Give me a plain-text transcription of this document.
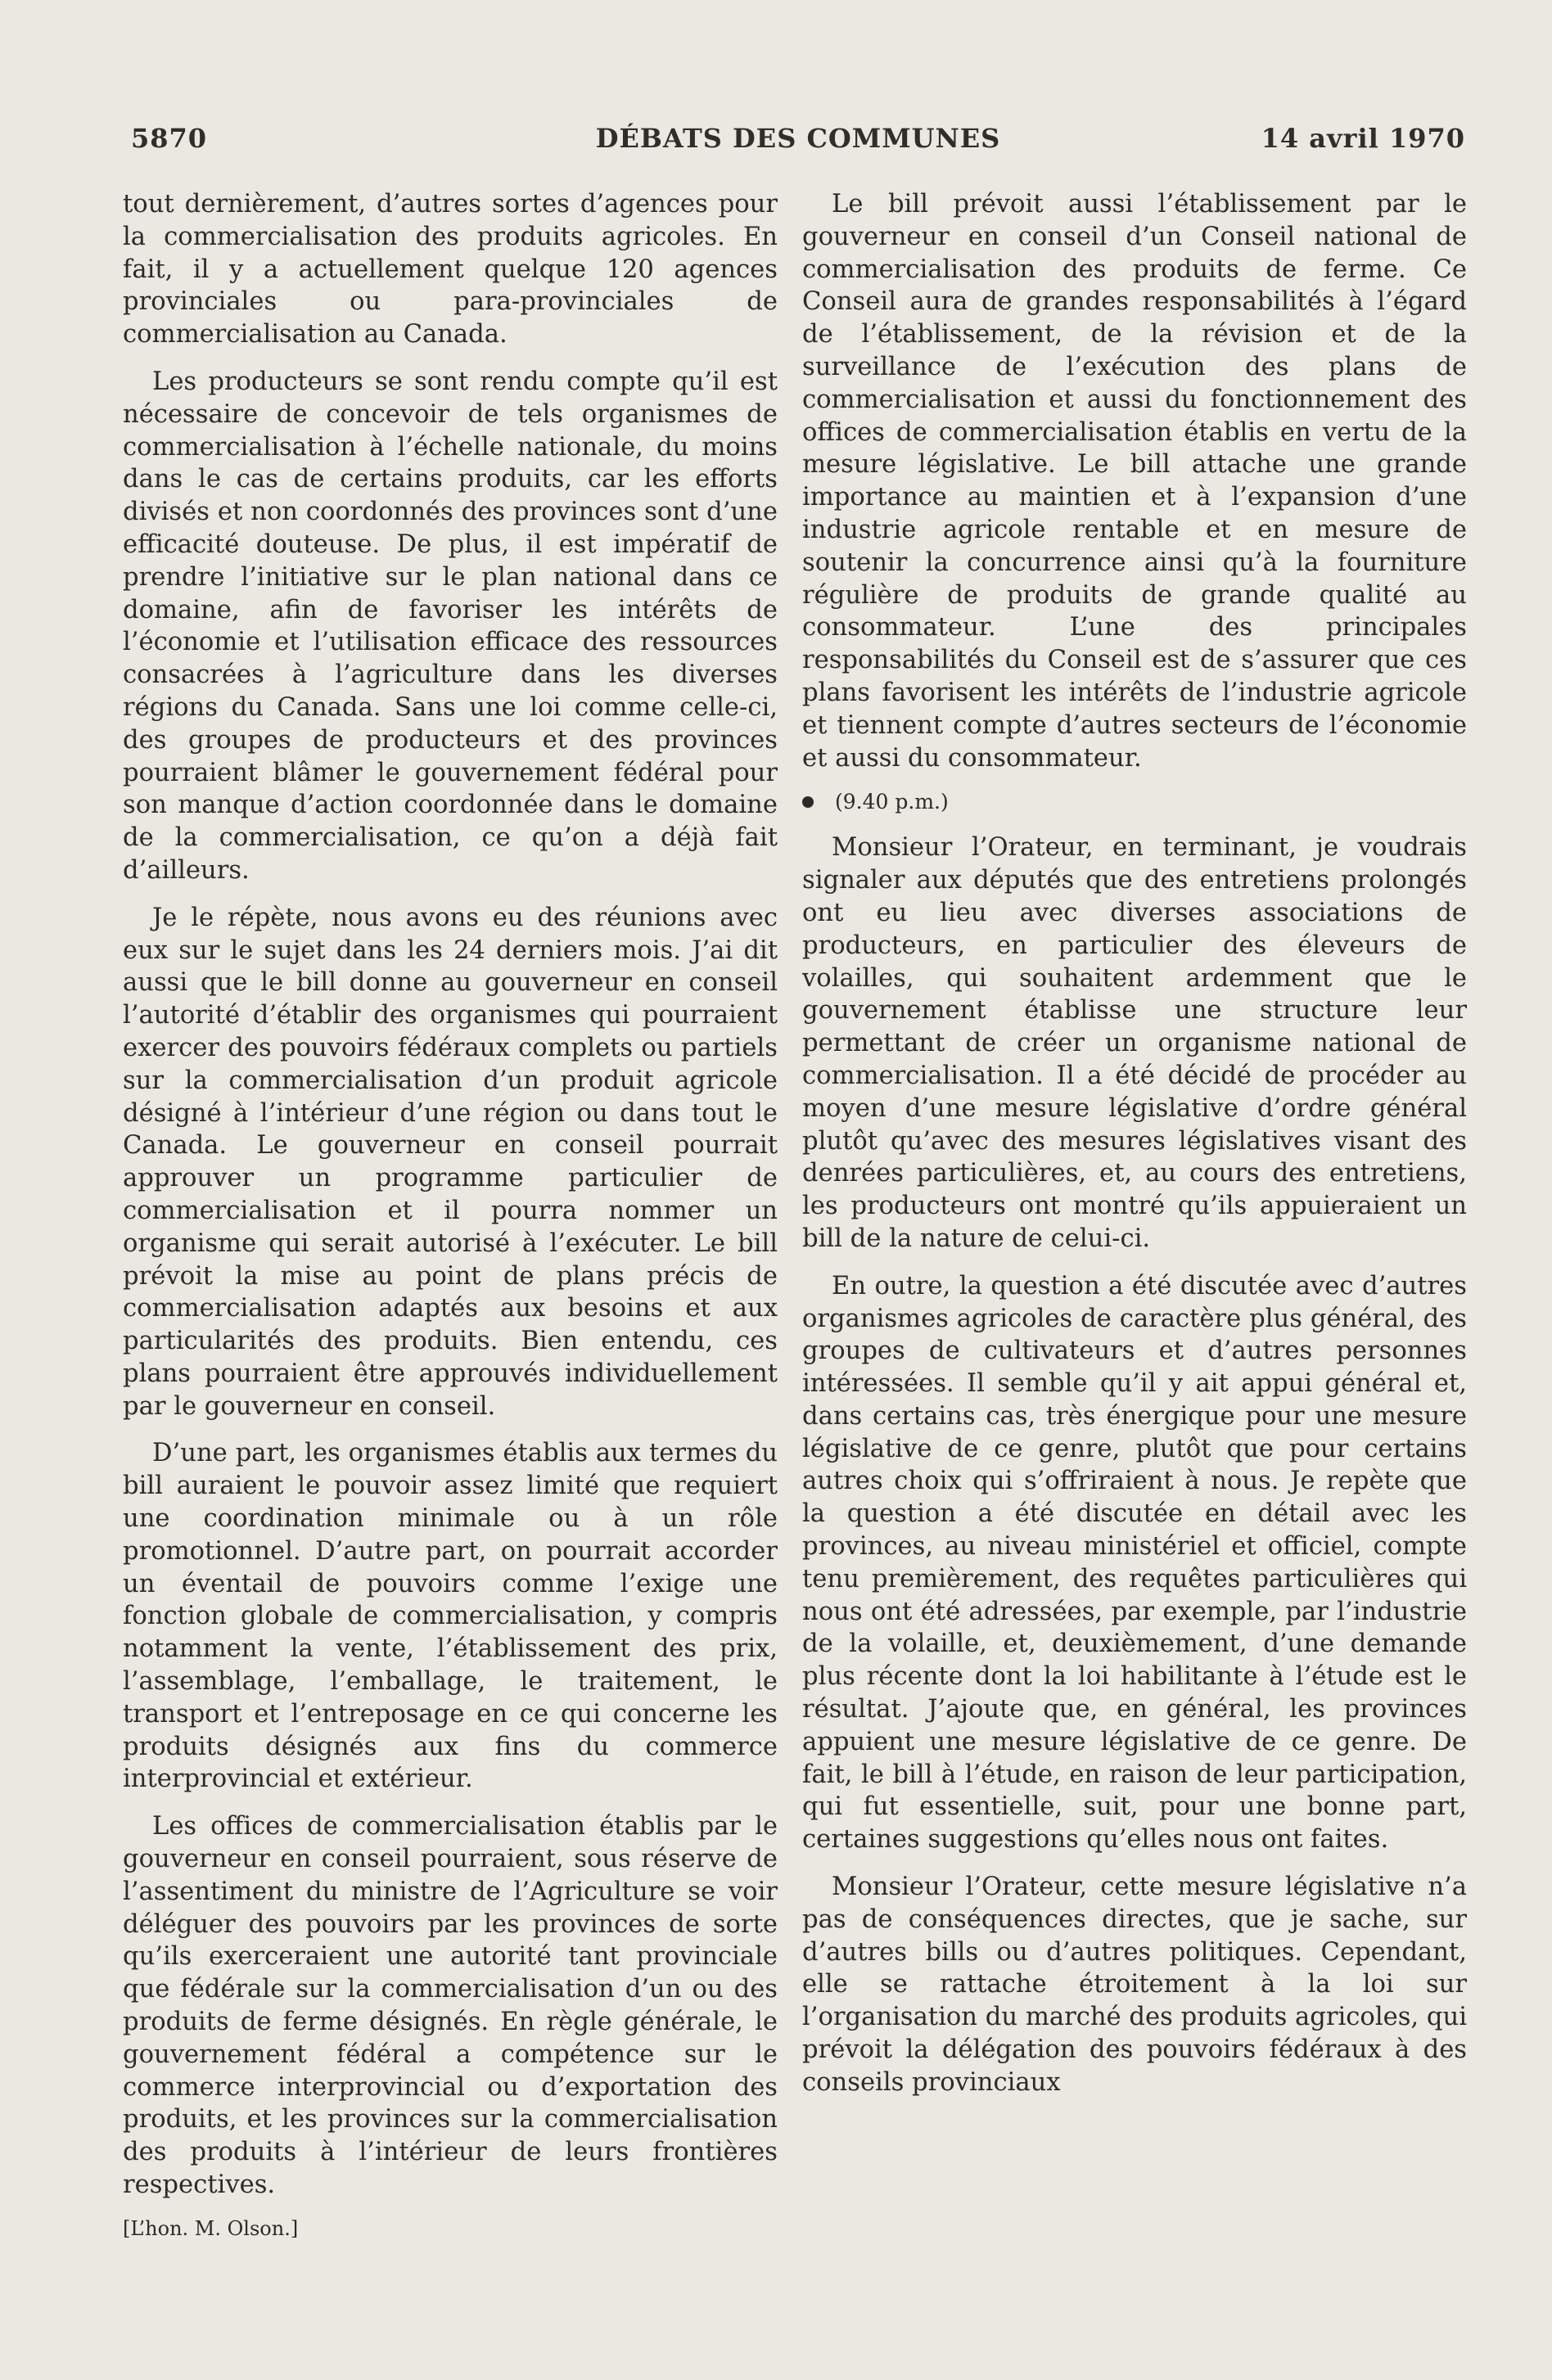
5870	DÉBATS DES COMMUNES	14 avril 1970

tout dernièrement, d’autres sortes d’agences pour la commercialisation des produits agricoles. En fait, il y a actuellement quelque 120 agences provinciales ou para-provinciales de commercialisation au Canada.

Les producteurs se sont rendu compte qu’il est nécessaire de concevoir de tels organismes de commercialisation à l’échelle nationale, du moins dans le cas de certains produits, car les efforts divisés et non coordonnés des provinces sont d’une efficacité douteuse. De plus, il est impératif de prendre l’initiative sur le plan national dans ce domaine, afin de favoriser les intérêts de l’économie et l’utilisation efficace des ressources consacrées à l’agriculture dans les diverses régions du Canada. Sans une loi comme celle-ci, des groupes de producteurs et des provinces pourraient blâmer le gouvernement fédéral pour son manque d’action coordonnée dans le domaine de la commercialisation, ce qu’on a déjà fait d’ailleurs.

Je le répète, nous avons eu des réunions avec eux sur le sujet dans les 24 derniers mois. J’ai dit aussi que le bill donne au gouverneur en conseil l’autorité d’établir des organismes qui pourraient exercer des pouvoirs fédéraux complets ou partiels sur la commercialisation d’un produit agricole désigné à l’intérieur d’une région ou dans tout le Canada. Le gouverneur en conseil pourrait approuver un programme particulier de commercialisation et il pourra nommer un organisme qui serait autorisé à l’exécuter. Le bill prévoit la mise au point de plans précis de commercialisation adaptés aux besoins et aux particularités des produits. Bien entendu, ces plans pourraient être approuvés individuellement par le gouverneur en conseil.

D’une part, les organismes établis aux termes du bill auraient le pouvoir assez limité que requiert une coordination minimale ou à un rôle promotionnel. D’autre part, on pourrait accorder un éventail de pouvoirs comme l’exige une fonction globale de commercialisation, y compris notamment la vente, l’établissement des prix, l’assemblage, l’emballage, le traitement, le transport et l’entreposage en ce qui concerne les produits désignés aux fins du commerce interprovincial et extérieur.

Les offices de commercialisation établis par le gouverneur en conseil pourraient, sous réserve de l’assentiment du ministre de l’Agriculture se voir déléguer des pouvoirs par les provinces de sorte qu’ils exerceraient une autorité tant provinciale que fédérale sur la commercialisation d’un ou des produits de ferme désignés. En règle générale, le gouvernement fédéral a compétence sur le commerce interprovincial ou d’exportation des produits, et les provinces sur la commercialisation des produits à l’intérieur de leurs frontières respectives.

[L’hon. M. Olson.]

Le bill prévoit aussi l’établissement par le gouverneur en conseil d’un Conseil national de commercialisation des produits de ferme. Ce Conseil aura de grandes responsabilités à l’égard de l’établissement, de la révision et de la surveillance de l’exécution des plans de commercialisation et aussi du fonctionnement des offices de commercialisation établis en vertu de la mesure législative. Le bill attache une grande importance au maintien et à l’expansion d’une industrie agricole rentable et en mesure de soutenir la concurrence ainsi qu’à la fourniture régulière de produits de grande qualité au consommateur. L’une des principales responsabilités du Conseil est de s’assurer que ces plans favorisent les intérêts de l’industrie agricole et tiennent compte d’autres secteurs de l’économie et aussi du consommateur.

(9.40 p.m.)

Monsieur l’Orateur, en terminant, je voudrais signaler aux députés que des entretiens prolongés ont eu lieu avec diverses associations de producteurs, en particulier des éleveurs de volailles, qui souhaitent ardemment que le gouvernement établisse une structure leur permettant de créer un organisme national de commercialisation. Il a été décidé de procéder au moyen d’une mesure législative d’ordre général plutôt qu’avec des mesures législatives visant des denrées particulières, et, au cours des entretiens, les producteurs ont montré qu’ils appuieraient un bill de la nature de celui-ci.

En outre, la question a été discutée avec d’autres organismes agricoles de caractère plus général, des groupes de cultivateurs et d’autres personnes intéressées. Il semble qu’il y ait appui général et, dans certains cas, très énergique pour une mesure législative de ce genre, plutôt que pour certains autres choix qui s’offriraient à nous. Je repète que la question a été discutée en détail avec les provinces, au niveau ministériel et officiel, compte tenu premièrement, des requêtes particulières qui nous ont été adressées, par exemple, par l’industrie de la volaille, et, deuxièmement, d’une demande plus récente dont la loi habilitante à l’étude est le résultat. J’ajoute que, en général, les provinces appuient une mesure législative de ce genre. De fait, le bill à l’étude, en raison de leur participation, qui fut essentielle, suit, pour une bonne part, certaines suggestions qu’elles nous ont faites.

Monsieur l’Orateur, cette mesure législative n’a pas de conséquences directes, que je sache, sur d’autres bills ou d’autres politiques. Cependant, elle se rattache étroitement à la loi sur l’organisation du marché des produits agricoles, qui prévoit la délégation des pouvoirs fédéraux à des conseils provinciaux
